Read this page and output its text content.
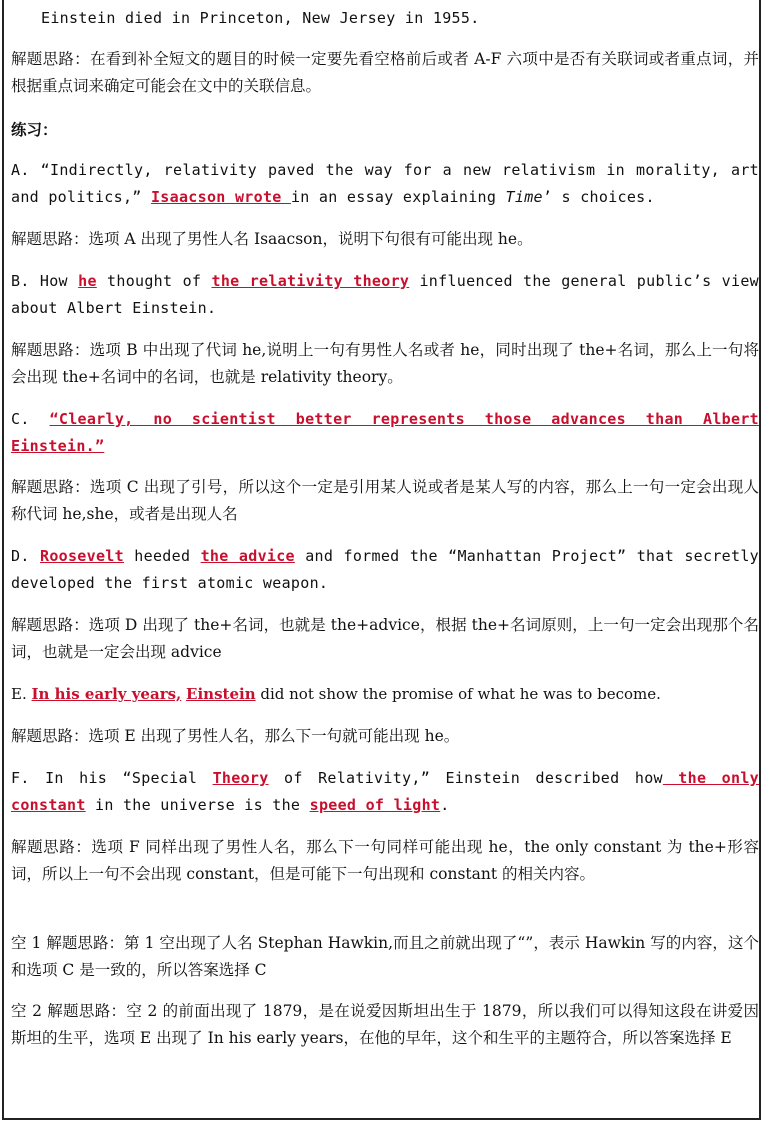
Einstein died in Princeton, New Jersey in 1955.
解题思路：在看到补全短文的题目的时候一定要先看空格前后或者 A-F 六项中是否有关联词或者重点词，并根据重点词来确定可能会在文中的关联信息。
练习：
A. “Indirectly, relativity paved the way for a new relativism in morality, art and politics,” Isaacson wrote in an essay explaining Time’ s choices.
解题思路：选项 A 出现了男性人名 Isaacson，说明下句很有可能出现 he。
B. How he thought of the relativity theory influenced the general public’s view about Albert Einstein.
解题思路：选项 B 中出现了代词 he,说明上一句有男性人名或者 he，同时出现了 the+名词，那么上一句将会出现 the+名词中的名词，也就是 relativity theory。
C. “Clearly, no scientist better represents those advances than Albert Einstein.”
解题思路：选项 C 出现了引号，所以这个一定是引用某人说或者是某人写的内容，那么上一句一定会出现人称代词 he,she，或者是出现人名
D. Roosevelt heeded the advice and formed the “Manhattan Project” that secretly developed the first atomic weapon.
解题思路：选项 D 出现了 the+名词，也就是 the+advice，根据 the+名词原则，上一句一定会出现那个名词，也就是一定会出现 advice
E. In his early years, Einstein did not show the promise of what he was to become.
解题思路：选项 E 出现了男性人名，那么下一句就可能出现 he。
F. In his “Special Theory of Relativity,” Einstein described how the only constant in the universe is the speed of light.
解题思路：选项 F 同样出现了男性人名，那么下一句同样可能出现 he，the only constant 为 the+形容词，所以上一句不会出现 constant，但是可能下一句出现和 constant 的相关内容。
空 1 解题思路：第 1 空出现了人名 Stephan Hawkin,而且之前就出现了“”，表示 Hawkin 写的内容，这个和选项 C 是一致的，所以答案选择 C
空 2 解题思路：空 2 的前面出现了 1879，是在说爱因斯坦出生于 1879，所以我们可以得知这段在讲爱因斯坦的生平，选项 E 出现了 In his early years，在他的早年，这个和生平的主题符合，所以答案选择 E
